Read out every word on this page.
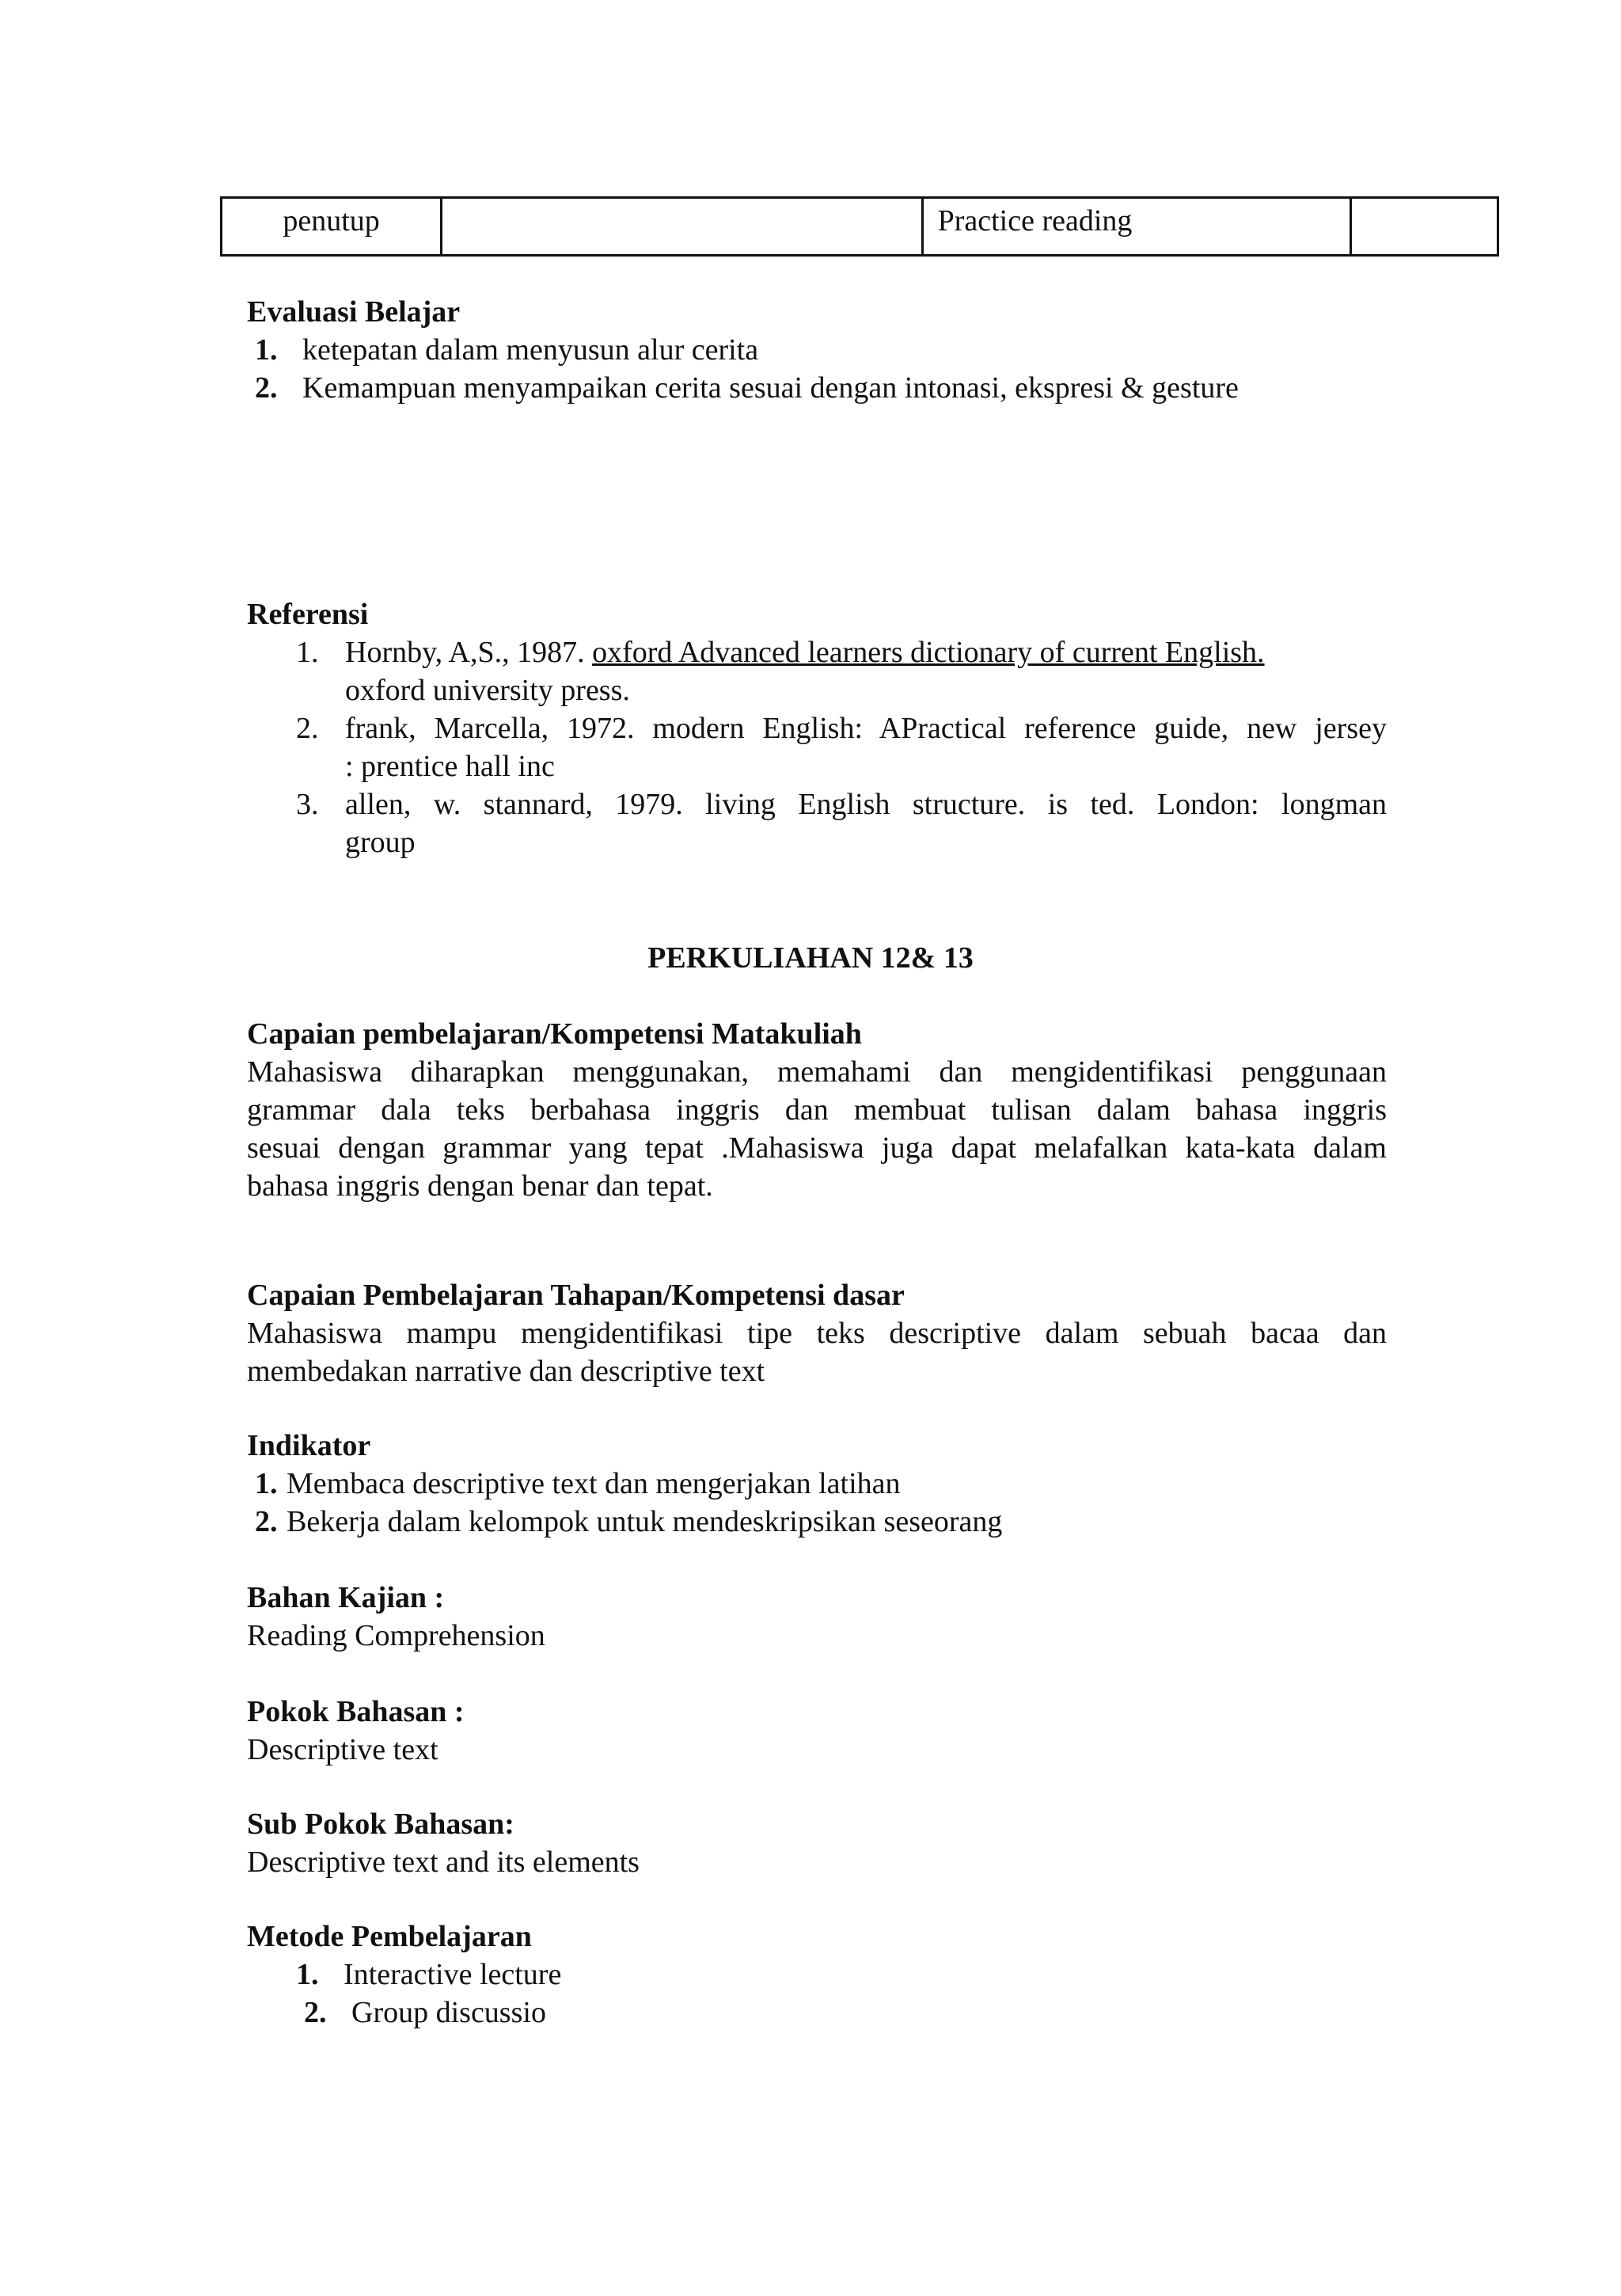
penutup		Practice reading	
Evaluasi Belajar
1. ketepatan dalam menyusun alur cerita
2. Kemampuan menyampaikan cerita sesuai dengan intonasi, ekspresi & gesture
Referensi
1. Hornby, A,S., 1987. oxford Advanced learners dictionary of current English.
oxford university press.
2. frank, Marcella, 1972. modern English: APractical reference guide, new jersey
: prentice hall inc
3. allen, w. stannard, 1979. living English structure. is ted. London: longman
group
PERKULIAHAN 12& 13
Capaian pembelajaran/Kompetensi Matakuliah
Mahasiswa diharapkan menggunakan, memahami dan mengidentifikasi penggunaan
grammar dala teks berbahasa inggris dan membuat tulisan dalam bahasa inggris
sesuai dengan grammar yang tepat .Mahasiswa juga dapat melafalkan kata-kata dalam
bahasa inggris dengan benar dan tepat.
Capaian Pembelajaran Tahapan/Kompetensi dasar
Mahasiswa mampu mengidentifikasi tipe teks descriptive dalam sebuah bacaa dan
membedakan narrative dan descriptive text
Indikator
1. Membaca descriptive text dan mengerjakan latihan
2. Bekerja dalam kelompok untuk mendeskripsikan seseorang
Bahan Kajian :
Reading Comprehension
Pokok Bahasan :
Descriptive text
Sub Pokok Bahasan:
Descriptive text and its elements
Metode Pembelajaran
1. Interactive lecture
2. Group discussio
